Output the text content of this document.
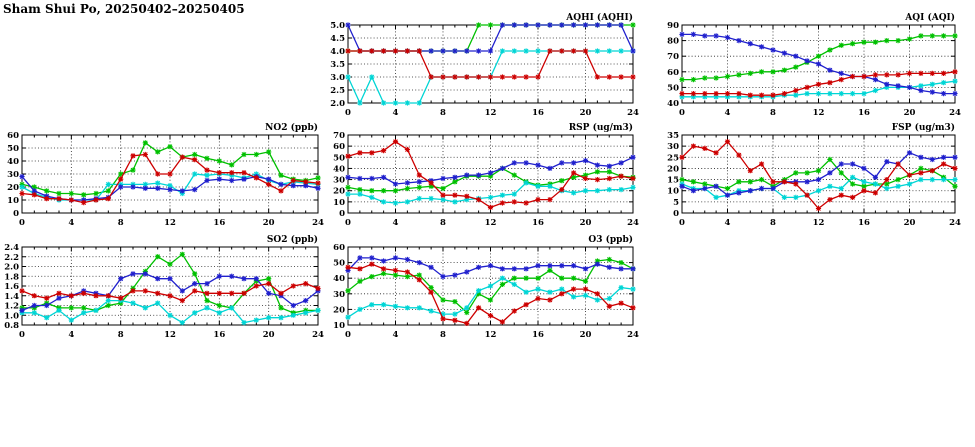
Sham Shui Po, 20250402–20250405
AQHI (AQHI)
2.0
2.5
3.0
3.5
4.0
4.5
5.0
0	4	8	12	16	20	24
AQI (AQI)
40
50
60
70
80
90
0	4	8	12	16	20	24
NO2 (ppb)
0
10
20
30
40
50
60
0	4	8	12	16	20	24
RSP (ug/m3)
0
10
20
30
40
50
60
70
0	4	8	12	16	20	24
FSP (ug/m3)
0
5
10
15
20
25
30
35
0	4	8	12	16	20	24
SO2 (ppb)
0.8
1.0
1.2
1.4
1.6
1.8
2.0
2.2
2.4
0	4	8	12	16	20	24
O3 (ppb)
10
20
30
40
50
60
0	4	8	12	16	20	24
